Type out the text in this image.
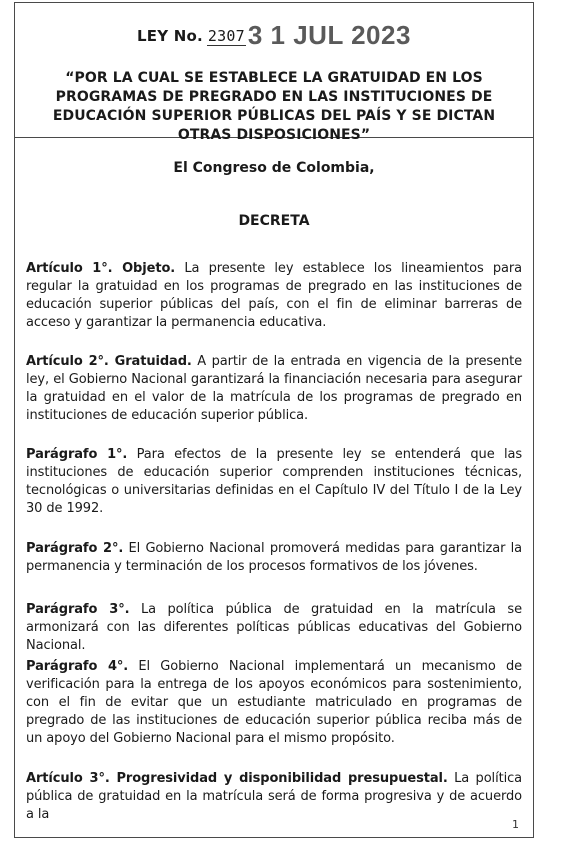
LEY No. 2307 3 1 JUL 2023
“POR LA CUAL SE ESTABLECE LA GRATUIDAD EN LOS PROGRAMAS DE PREGRADO EN LAS INSTITUCIONES DE EDUCACIÓN SUPERIOR PÚBLICAS DEL PAÍS Y SE DICTAN OTRAS DISPOSICIONES”
El Congreso de Colombia,
DECRETA
Artículo 1°. Objeto. La presente ley establece los lineamientos para regular la gratuidad en los programas de pregrado en las instituciones de educación superior públicas del país, con el fin de eliminar barreras de acceso y garantizar la permanencia educativa.
Artículo 2°. Gratuidad. A partir de la entrada en vigencia de la presente ley, el Gobierno Nacional garantizará la financiación necesaria para asegurar la gratuidad en el valor de la matrícula de los programas de pregrado en instituciones de educación superior pública.
Parágrafo 1°. Para efectos de la presente ley se entenderá que las instituciones de educación superior comprenden instituciones técnicas, tecnológicas o universitarias definidas en el Capítulo IV del Título I de la Ley 30 de 1992.
Parágrafo 2°. El Gobierno Nacional promoverá medidas para garantizar la permanencia y terminación de los procesos formativos de los jóvenes.
Parágrafo 3°. La política pública de gratuidad en la matrícula se armonizará con las diferentes políticas públicas educativas del Gobierno Nacional.
Parágrafo 4°. El Gobierno Nacional implementará un mecanismo de verificación para la entrega de los apoyos económicos para sostenimiento, con el fin de evitar que un estudiante matriculado en programas de pregrado de las instituciones de educación superior pública reciba más de un apoyo del Gobierno Nacional para el mismo propósito.
Artículo 3°. Progresividad y disponibilidad presupuestal. La política pública de gratuidad en la matrícula será de forma progresiva y de acuerdo a la
1
